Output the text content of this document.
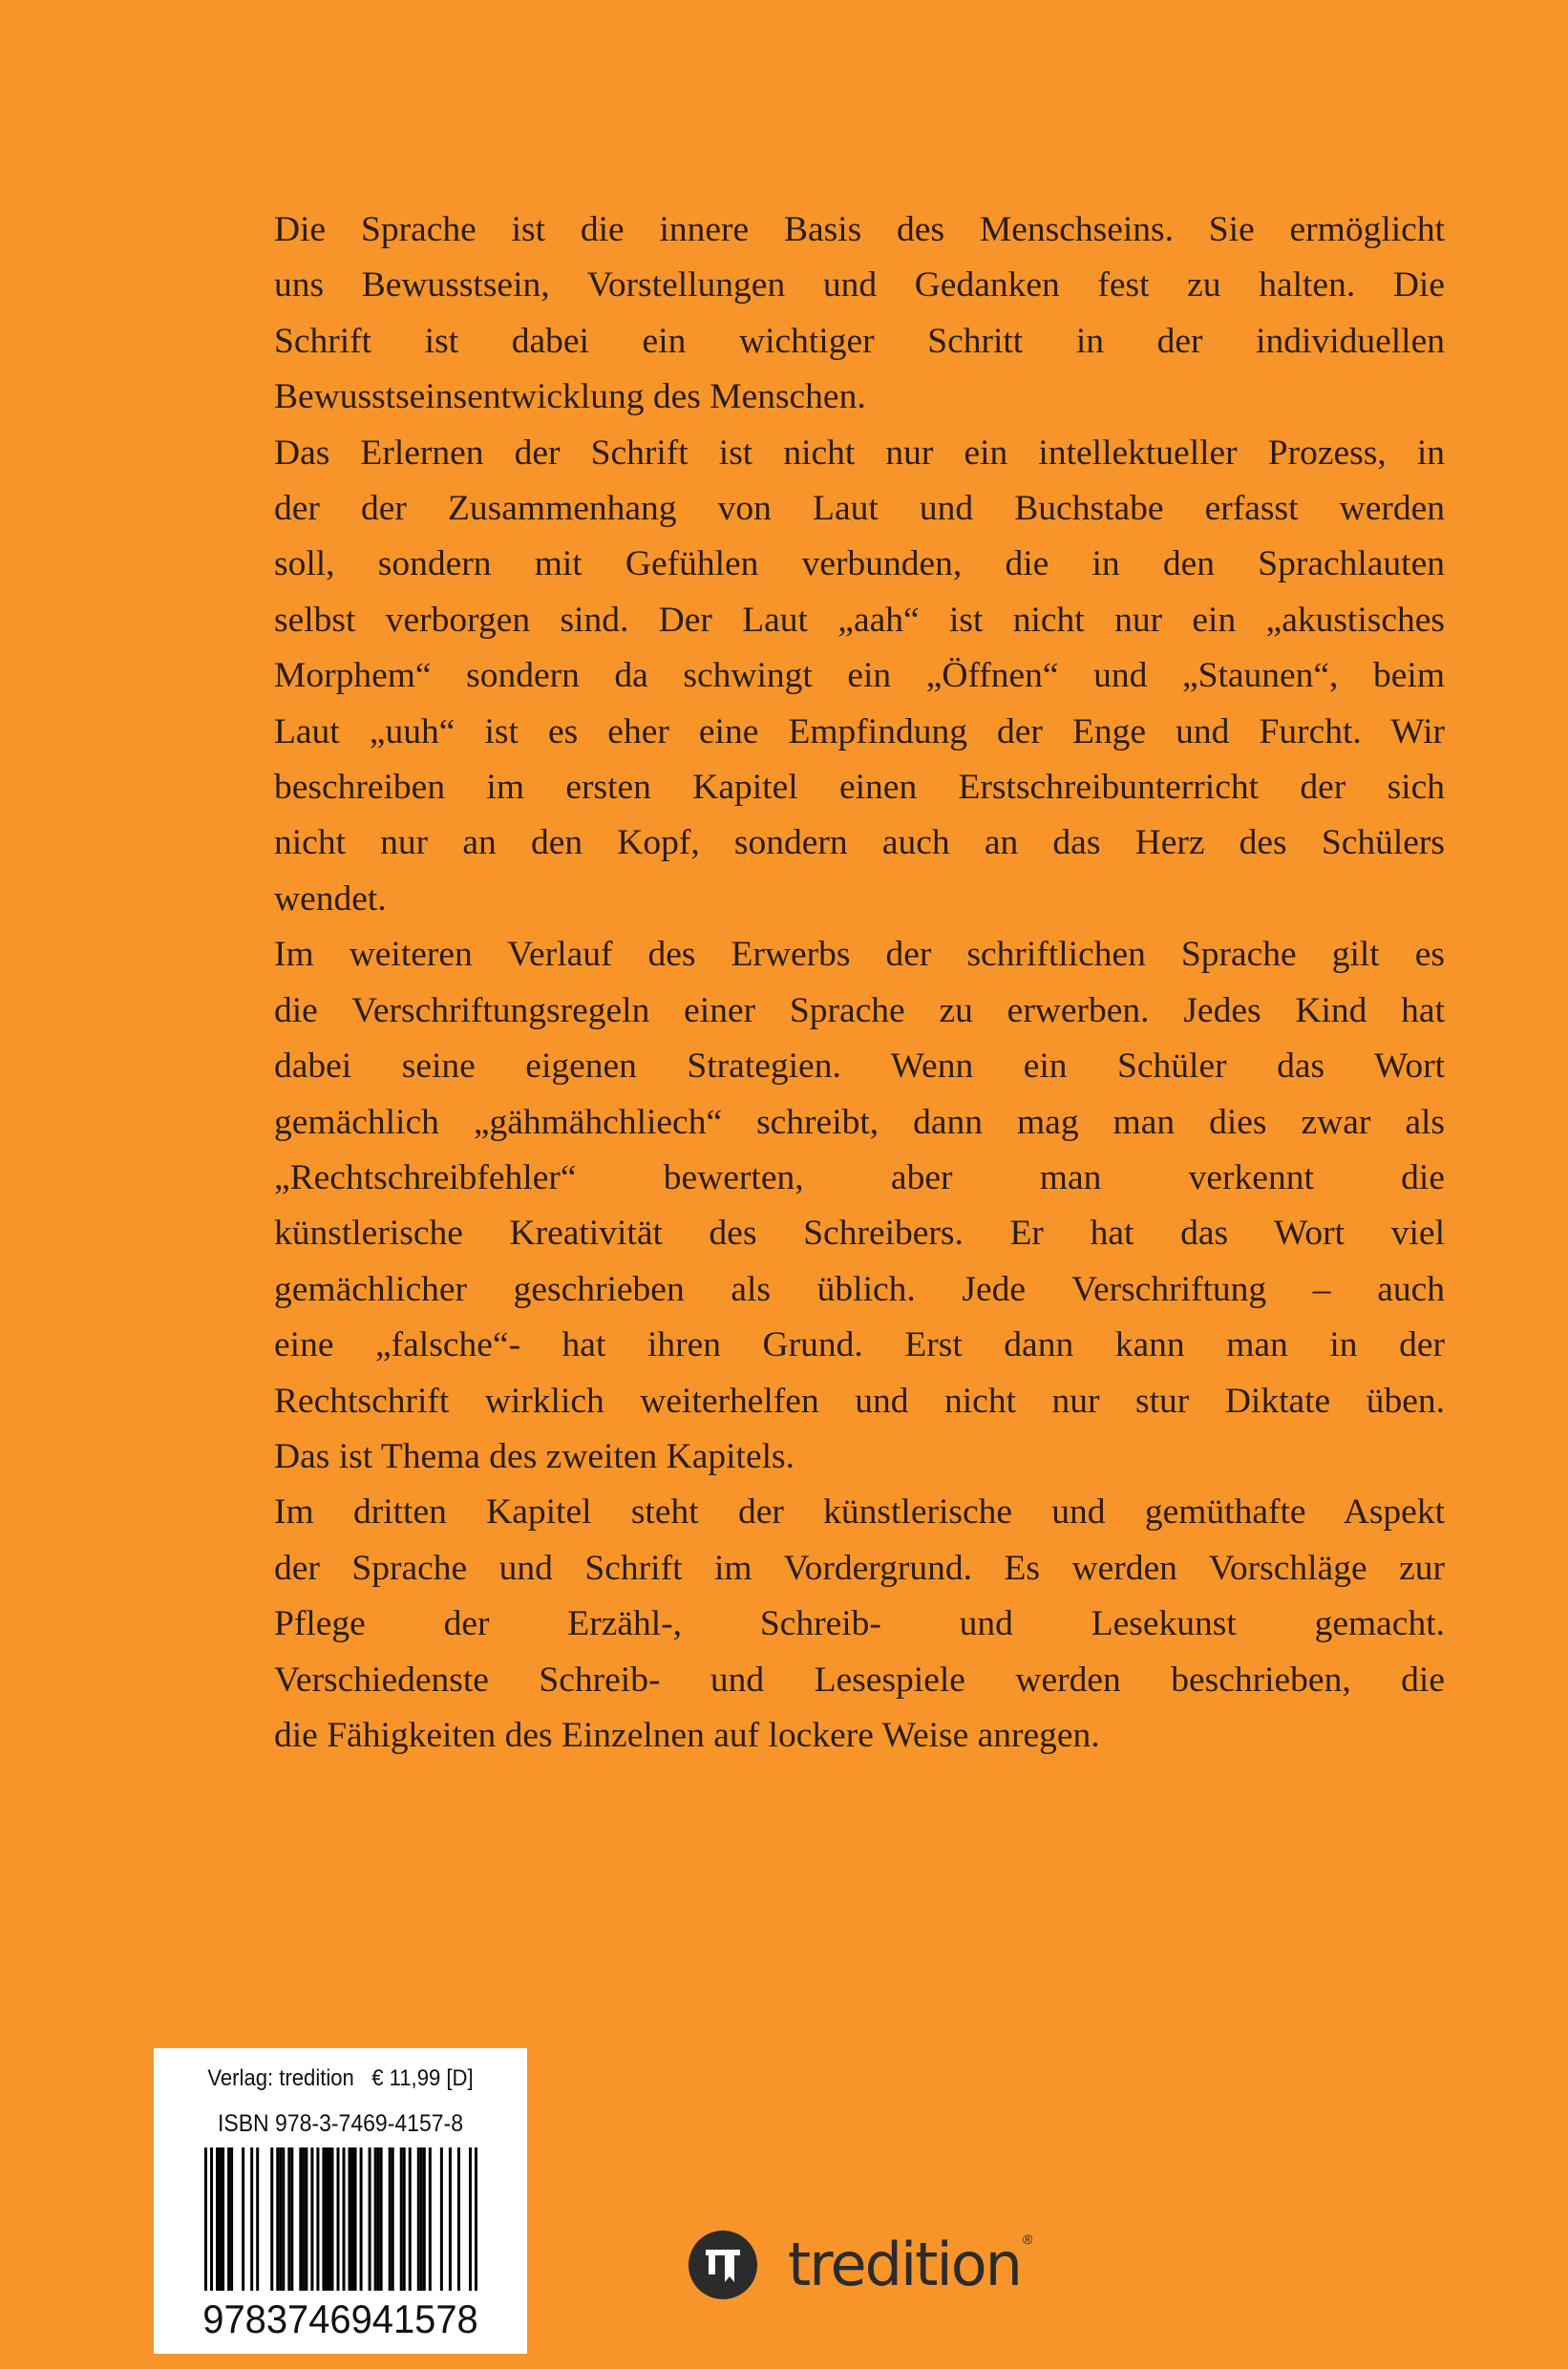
Die Sprache ist die innere Basis des Menschseins. Sie ermöglicht
uns Bewusstsein, Vorstellungen und Gedanken fest zu halten. Die
Schrift ist dabei ein wichtiger Schritt in der individuellen
Bewusstseinsentwicklung des Menschen.
Das Erlernen der Schrift ist nicht nur ein intellektueller Prozess, in
der der Zusammenhang von Laut und Buchstabe erfasst werden
soll, sondern mit Gefühlen verbunden, die in den Sprachlauten
selbst verborgen sind. Der Laut „aah“ ist nicht nur ein „akustisches
Morphem“ sondern da schwingt ein „Öffnen“ und „Staunen“, beim
Laut „uuh“ ist es eher eine Empfindung der Enge und Furcht. Wir
beschreiben im ersten Kapitel einen Erstschreibunterricht der sich
nicht nur an den Kopf, sondern auch an das Herz des Schülers
wendet.
Im weiteren Verlauf des Erwerbs der schriftlichen Sprache gilt es
die Verschriftungsregeln einer Sprache zu erwerben. Jedes Kind hat
dabei seine eigenen Strategien. Wenn ein Schüler das Wort
gemächlich „gähmähchliech“ schreibt, dann mag man dies zwar als
„Rechtschreibfehler“ bewerten, aber man verkennt die
künstlerische Kreativität des Schreibers. Er hat das Wort viel
gemächlicher geschrieben als üblich. Jede Verschriftung – auch
eine „falsche“- hat ihren Grund. Erst dann kann man in der
Rechtschrift wirklich weiterhelfen und nicht nur stur Diktate üben.
Das ist Thema des zweiten Kapitels.
Im dritten Kapitel steht der künstlerische und gemüthafte Aspekt
der Sprache und Schrift im Vordergrund. Es werden Vorschläge zur
Pflege der Erzähl-, Schreib- und Lesekunst gemacht.
Verschiedenste Schreib- und Lesespiele werden beschrieben, die
die Fähigkeiten des Einzelnen auf lockere Weise anregen.
Verlag: tredition   € 11,99 [D]
ISBN 978-3-7469-4157-8
9783746941578
tredition ®
